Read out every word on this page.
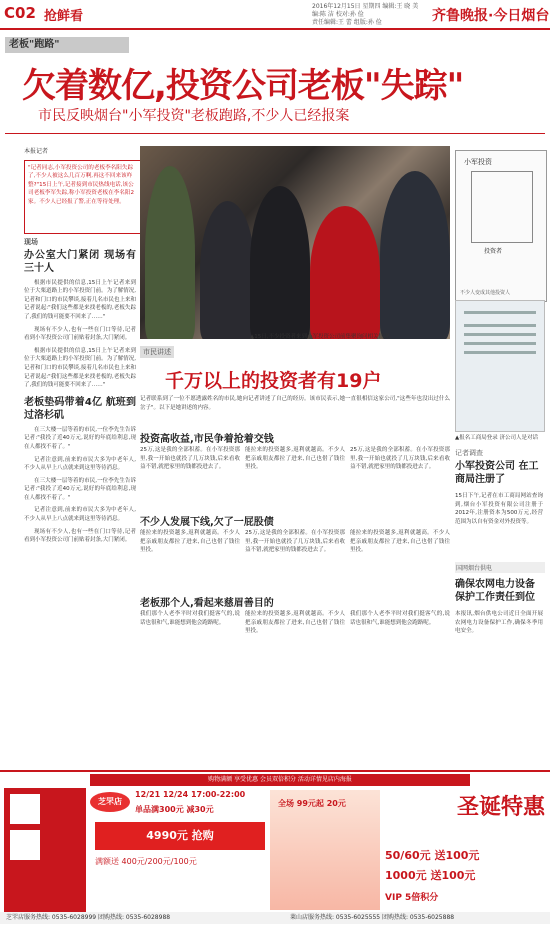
C02 抢鲜看
2016年12月15日 星期四 编辑:王 晓 美编:陈 洁 校对:孙 俭
责任编辑:王 蕾 组版:孙 俭	齐鲁晚报·今日烟台
老板"跑路"
欠着数亿,投资公司老板"失踪"
市民反映烟台"小军投资"老板跑路,不少人已经报案
本报记者
"记者同志,小军投资公司的老板李名阳失踪了,不少人被这么几百万啊,再这不回来该咋整?"15日上午,记者接到市民热线电话,该公司老板李军失踪,称小军投资老板在李名阳2家。不少人已经报了警,正在等待处理。
现场
办公室大门紧闭 现场有三十人

根据市民提供的信息,15日上午记者来到位于大栗道路上的小军投资门前。为了解情况,记者和门口的市民攀谈,接着几名市民也上来和记者说起:"我们这些都是来找老板的,老板失踪了,我们的钱可能要不回来了……"

现场有不少人,也有一些在门口等待,记者看到小军投资公司门前贴着封条,大门紧闭。

根据市民提供的信息,15日上午记者来到位于大栗道路上的小军投资门前。为了解情况,记者和门口的市民攀谈,接着几名市民也上来和记者说起:"我们这些都是来找老板的,老板失踪了,我们的钱可能要不回来了……"

老板垫码带着4亿 航班到过洛杉矶

在三大楼一层等着的市民,一位李先生告诉记者:"我投了近40万元,说好的年底给利息,现在人都找不着了。"

记者注意到,前来的市民大多为中老年人,不少人从早上八点就来到这里等待消息。

在三大楼一层等着的市民,一位李先生告诉记者:"我投了近40万元,说好的年底给利息,现在人都找不着了。"

记者注意到,前来的市民大多为中老年人,不少人从早上八点就来到这里等待消息。

现场有不少人,也有一些在门口等待,记者看到小军投资公司门前贴着封条,大门紧闭。

▲15日,不少投资者来到小军投资公司前集聚询问相关情况。
小军投资
投资者
不少人变成其他投资人
▲报名工商局登录 济公司人是对话
市民讲述
千万以上的投资者有19户
记者联系到了一位不愿透露姓名的市民,她向记者讲述了自己的经历。该市民表示,她一直很相信这家公司,"这些年也没出过什么岔子"。以下是她讲述的内容。
投资高收益,市民争着抢着交钱
25万,这是我的全部积蓄。在小军投资那里,我一开始也就投了几万块钱,后来看收益不错,就把家里的钱都投进去了。
能拉来的投资越多,返利就越高。不少人把亲戚朋友都拉了进来,自己也借了钱往里投。
25万,这是我的全部积蓄。在小军投资那里,我一开始也就投了几万块钱,后来看收益不错,就把家里的钱都投进去了。
不少人发展下线,欠了一屁股债
能拉来的投资越多,返利就越高。不少人把亲戚朋友都拉了进来,自己也借了钱往里投。
25万,这是我的全部积蓄。在小军投资那里,我一开始也就投了几万块钱,后来看收益不错,就把家里的钱都投进去了。
能拉来的投资越多,返利就越高。不少人把亲戚朋友都拉了进来,自己也借了钱往里投。
老板那个人,看起来慈眉善目的
我们那个人老李平时对我们挺客气的,说话也很和气,谁能想到他会跑路呢。
能拉来的投资越多,返利就越高。不少人把亲戚朋友都拉了进来,自己也借了钱往里投。
我们那个人老李平时对我们挺客气的,说话也很和气,谁能想到他会跑路呢。
记者调查
小军投资公司 在工商局注册了
15日下午,记者在市工商局网站查询到,烟台小军投资有限公司注册于2012年,注册资本为500万元,经营范围为以自有资金对外投资等。
国网烟台供电
确保农网电力设备 保护工作责任到位
本报讯,烟台供电公司近日全面开展农网电力设备保护工作,确保冬季用电安全。
购物满额 享受优惠 会员双倍积分 活动详情见店内海报
芝罘店
12/21 12/24 17:00-22:00
单品满300元 减30元
4990元 抢购
满额送 400元/200元/100元
全场 99元起 20元	圣诞特惠
50/60元 送100元
1000元 送100元
VIP 5倍积分
芝罘店服务热线: 0535-6028999 团购热线: 0535-6028988	莱山店服务热线: 0535-6025555 团购热线: 0535-6025888
